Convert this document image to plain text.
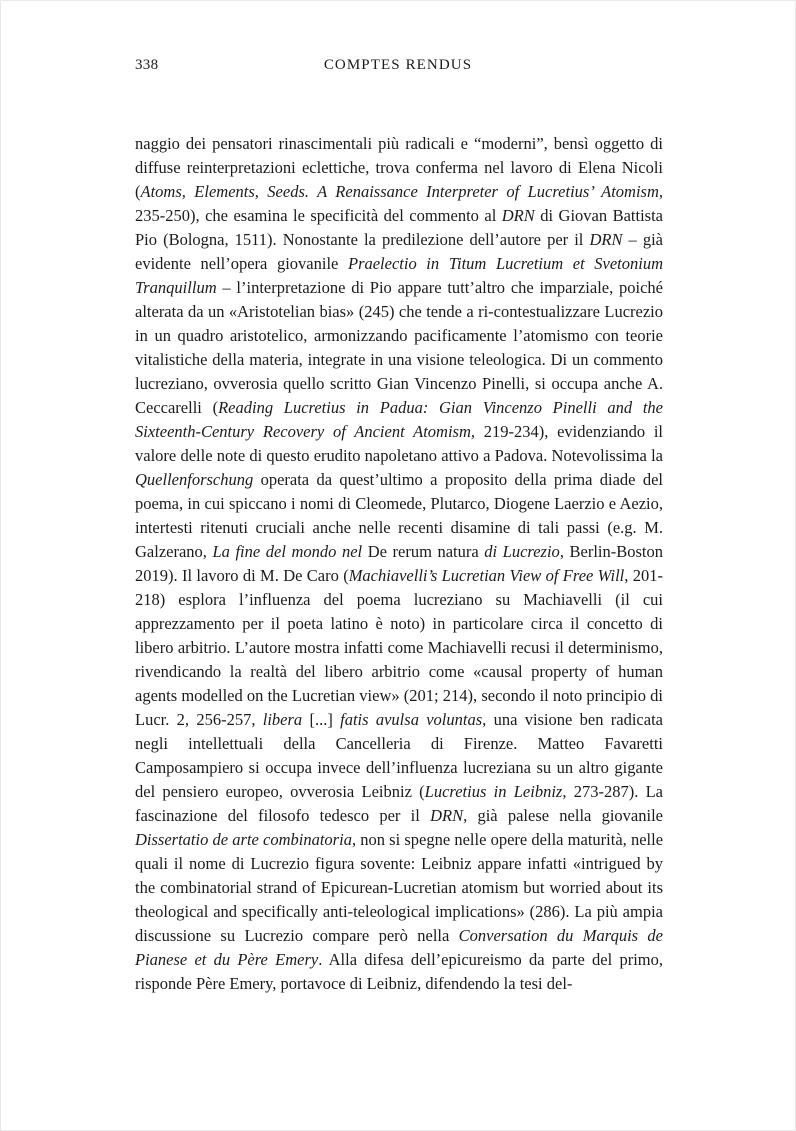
338	COMPTES RENDUS

naggio dei pensatori rinascimentali più radicali e “moderni”, bensì oggetto di diffuse reinterpretazioni eclettiche, trova conferma nel lavoro di Elena Nicoli (Atoms, Elements, Seeds. A Renaissance Interpreter of Lucretius’ Atomism, 235-250), che esamina le specificità del commento al DRN di Giovan Battista Pio (Bologna, 1511). Nonostante la predilezione dell’autore per il DRN – già evidente nell’opera giovanile Praelectio in Titum Lucretium et Svetonium Tranquillum – l’interpretazione di Pio appare tutt’altro che imparziale, poiché alterata da un «Aristotelian bias» (245) che tende a ri-contestualizzare Lucrezio in un quadro aristotelico, armonizzando pacificamente l’atomismo con teorie vitalistiche della materia, integrate in una visione teleologica. Di un commento lucreziano, ovverosia quello scritto Gian Vincenzo Pinelli, si occupa anche A. Ceccarelli (Reading Lucretius in Padua: Gian Vincenzo Pinelli and the Sixteenth-Century Recovery of Ancient Atomism, 219-234), evidenziando il valore delle note di questo erudito napoletano attivo a Padova. Notevolissima la Quellenforschung operata da quest’ultimo a proposito della prima diade del poema, in cui spiccano i nomi di Cleomede, Plutarco, Diogene Laerzio e Aezio, intertesti ritenuti cruciali anche nelle recenti disamine di tali passi (e.g. M. Galzerano, La fine del mondo nel De rerum natura di Lucrezio, Berlin-Boston 2019). Il lavoro di M. De Caro (Machiavelli’s Lucretian View of Free Will, 201-218) esplora l’influenza del poema lucreziano su Machiavelli (il cui apprezzamento per il poeta latino è noto) in particolare circa il concetto di libero arbitrio. L’autore mostra infatti come Machiavelli recusi il determinismo, rivendicando la realtà del libero arbitrio come «causal property of human agents modelled on the Lucretian view» (201; 214), secondo il noto principio di Lucr. 2, 256-257, libera [...] fatis avulsa voluntas, una visione ben radicata negli intellettuali della Cancelleria di Firenze. Matteo Favaretti Camposampiero si occupa invece dell’influenza lucreziana su un altro gigante del pensiero europeo, ovverosia Leibniz (Lucretius in Leibniz, 273-287). La fascinazione del filosofo tedesco per il DRN, già palese nella giovanile Dissertatio de arte combinatoria, non si spegne nelle opere della maturità, nelle quali il nome di Lucrezio figura sovente: Leibniz appare infatti «intrigued by the combinatorial strand of Epicurean-Lucretian atomism but worried about its theological and specifically anti-teleological implications» (286). La più ampia discussione su Lucrezio compare però nella Conversation du Marquis de Pianese et du Père Emery. Alla difesa dell’epicureismo da parte del primo, risponde Père Emery, portavoce di Leibniz, difendendo la tesi del-
